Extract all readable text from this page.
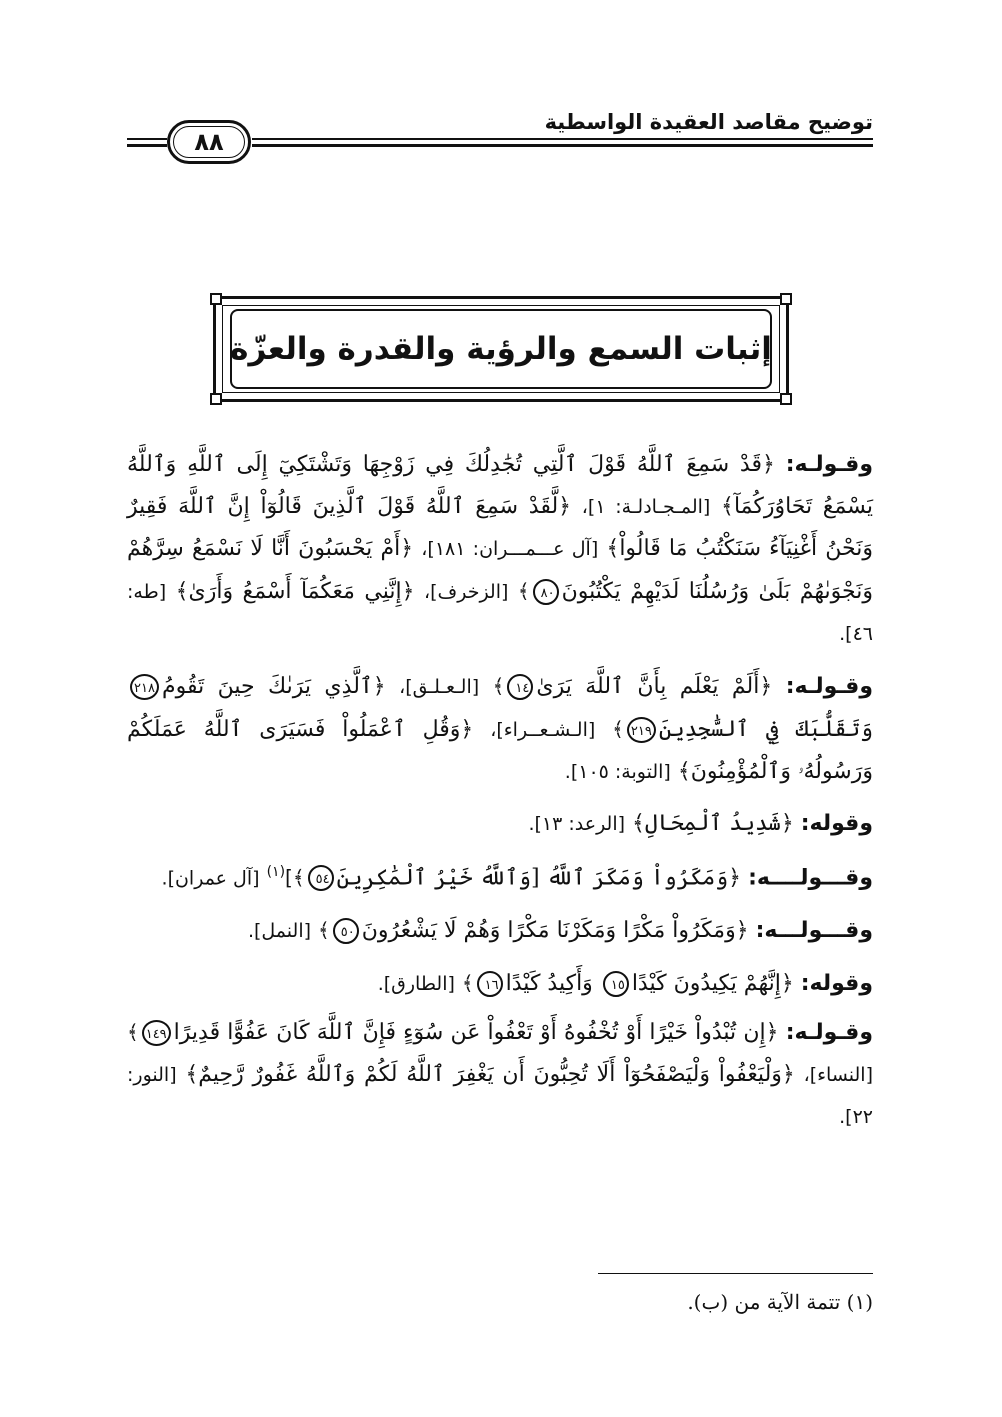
توضيح مقاصد العقيدة الواسطية
٨٨
إثبات السمع والرؤية والقدرة والعزّة

وقـولـه: ﴿قَدْ سَمِعَ ٱللَّهُ قَوْلَ ٱلَّتِي تُجَٰدِلُكَ فِي زَوْجِهَا وَتَشْتَكِيٓ إِلَى ٱللَّهِ وَٱللَّهُ يَسْمَعُ تَحَاوُرَكُمَآ﴾ [المـجـادلـة: ١]، ﴿لَّقَدْ سَمِعَ ٱللَّهُ قَوْلَ ٱلَّذِينَ قَالُوٓاْ إِنَّ ٱللَّهَ فَقِيرٌ وَنَحْنُ أَغْنِيَآءُ سَنَكْتُبُ مَا قَالُواْ﴾ [آل عـــمـــران: ١٨١]، ﴿أَمْ يَحْسَبُونَ أَنَّا لَا نَسْمَعُ سِرَّهُمْ وَنَجْوَىٰهُمْ بَلَىٰ وَرُسُلُنَا لَدَيْهِمْ يَكْتُبُونَ٨٠﴾ [الزخرف]، ﴿إِنَّنِي مَعَكُمَآ أَسْمَعُ وَأَرَىٰ﴾ [طه: ٤٦].

وقـولـه: ﴿أَلَمْ يَعْلَم بِأَنَّ ٱللَّهَ يَرَىٰ١٤﴾ [الـعـلـق]، ﴿ٱلَّذِي يَرَىٰكَ حِينَ تَقُومُ٢١٨ وَتَقَلُّبَكَ فِي ٱلسَّٰجِدِينَ٢١٩﴾ [الـشـعــراء]، ﴿وَقُلِ ٱعْمَلُواْ فَسَيَرَى ٱللَّهُ عَمَلَكُمْ وَرَسُولُهُۥ وَٱلْمُؤْمِنُونَ﴾ [التوبة: ١٠٥].

وقوله: ﴿شَدِيدُ ٱلْمِحَالِ﴾ [الرعد: ١٣].

وقـــولــــه: ﴿وَمَكَرُواْ وَمَكَرَ ٱللَّهُ [وَٱللَّهُ خَيْرُ ٱلْمَٰكِرِينَ٥٤﴾]$^{(١)}$ [آل عمران].

وقـــولـــه: ﴿وَمَكَرُواْ مَكْرًا وَمَكَرْنَا مَكْرًا وَهُمْ لَا يَشْعُرُونَ٥٠﴾ [النمل].

وقوله: ﴿إِنَّهُمْ يَكِيدُونَ كَيْدًا١٥ وَأَكِيدُ كَيْدًا١٦﴾ [الطارق].

وقـولـه: ﴿إِن تُبْدُواْ خَيْرًا أَوْ تُخْفُوهُ أَوْ تَعْفُواْ عَن سُوٓءٍ فَإِنَّ ٱللَّهَ كَانَ عَفُوًّا قَدِيرًا١٤٩﴾ [النساء]، ﴿وَلْيَعْفُواْ وَلْيَصْفَحُوٓاْ أَلَا تُحِبُّونَ أَن يَغْفِرَ ٱللَّهُ لَكُمْ وَٱللَّهُ غَفُورٌ رَّحِيمٌ﴾ [النور: ٢٢].

(١) تتمة الآية من (ب).
